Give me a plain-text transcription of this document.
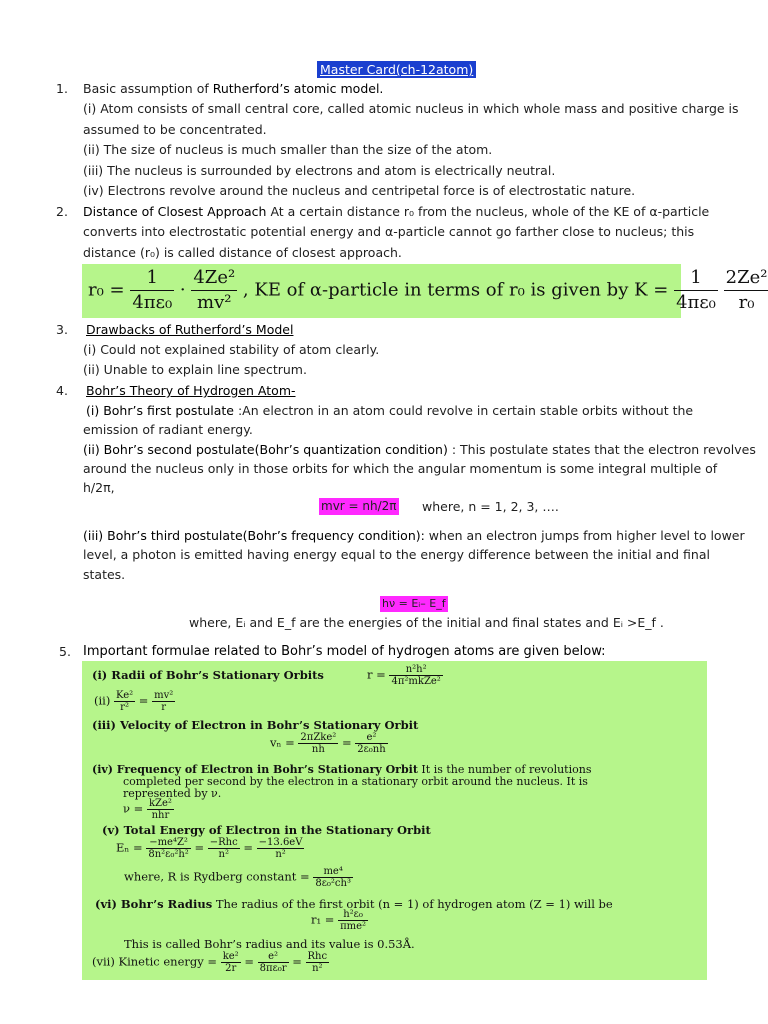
Master Card(ch-12atom)
1. Basic assumption of Rutherford’s atomic model.
(i) Atom consists of small central core, called atomic nucleus in which whole mass and positive charge is
assumed to be concentrated.
(ii) The size of nucleus is much smaller than the size of the atom.
(iii) The nucleus is surrounded by electrons and atom is electrically neutral.
(iv) Electrons revolve around the nucleus and centripetal force is of electrostatic nature.
2. Distance of Closest Approach At a certain distance r₀ from the nucleus, whole of the KE of α-particle
converts into electrostatic potential energy and α-particle cannot go farther close to nucleus; this
distance (r₀) is called distance of closest approach.
$r_0 = \frac{1}{\text{4πε₀}} \cdot \frac{\text{4Ze²}}{\text{mv²}}$ , KE of α-particle in terms of r₀ is given by $K = \frac{1}{\text{4πε₀}}$
$\frac{\text{2Ze²}}{\text{r₀}}$
3. Drawbacks of Rutherford’s Model
(i) Could not explained stability of atom clearly.
(ii) Unable to explain line spectrum.
4. Bohr’s Theory of Hydrogen Atom-
(i) Bohr’s first postulate :An electron in an atom could revolve in certain stable orbits without the
emission of radiant energy.
(ii) Bohr’s second postulate(Bohr’s quantization condition) : This postulate states that the electron revolves
around the nucleus only in those orbits for which the angular momentum is some integral multiple of
h/2π,
mvr = nh/2π where, n = 1, 2, 3, ….
(iii) Bohr’s third postulate(Bohr’s frequency condition): when an electron jumps from higher level to lower
level, a photon is emitted having energy equal to the energy difference between the initial and final
states.
hν = Eᵢ– E_f
where, Eᵢ and E_f are the energies of the initial and final states and Eᵢ >E_f .
5. Important formulae related to Bohr’s model of hydrogen atoms are given below:
(i) Radii of Bohr’s Stationary Orbits	$r = \frac{\text{n²h²}}{\text{4π²mkZe²}}$
$(ii) \frac{\text{Ke²}}{\text{r²}} = \frac{\text{mv²}}{r}$
(iii) Velocity of Electron in Bohr’s Stationary Orbit
$v_n = \frac{\text{2πZke²}}{nh} = \frac{\text{e²}}{\text{2ε₀nh}}$
(iv) Frequency of Electron in Bohr’s Stationary Orbit It is the number of revolutions
completed per second by the electron in a stationary orbit around the nucleus. It is
represented by ν.
$\nu = \frac{\text{kZe²}}{\text{nhr}}$
(v) Total Energy of Electron in the Stationary Orbit
$E_n = \frac{\text{−me⁴Z²}}{\text{8n²ε₀²h²}} = \frac{\text{−Rhc}}{\text{n²}} = \frac{-13.6eV}{\text{n²}}$
where, R is Rydberg constant = $\frac{\text{me⁴}}{\text{8ε₀²ch³}}$
(vi) Bohr’s Radius The radius of the first orbit (n = 1) of hydrogen atom (Z = 1) will be
$r_1 = \frac{\text{h²ε₀}}{\text{πme²}}$
This is called Bohr’s radius and its value is 0.53Å.
(vii) Kinetic energy = $\frac{\text{ke²}}{2r} = \frac{\text{e²}}{\text{8πε₀r}} = \frac{\text{Rhc}}{\text{n²}}$
